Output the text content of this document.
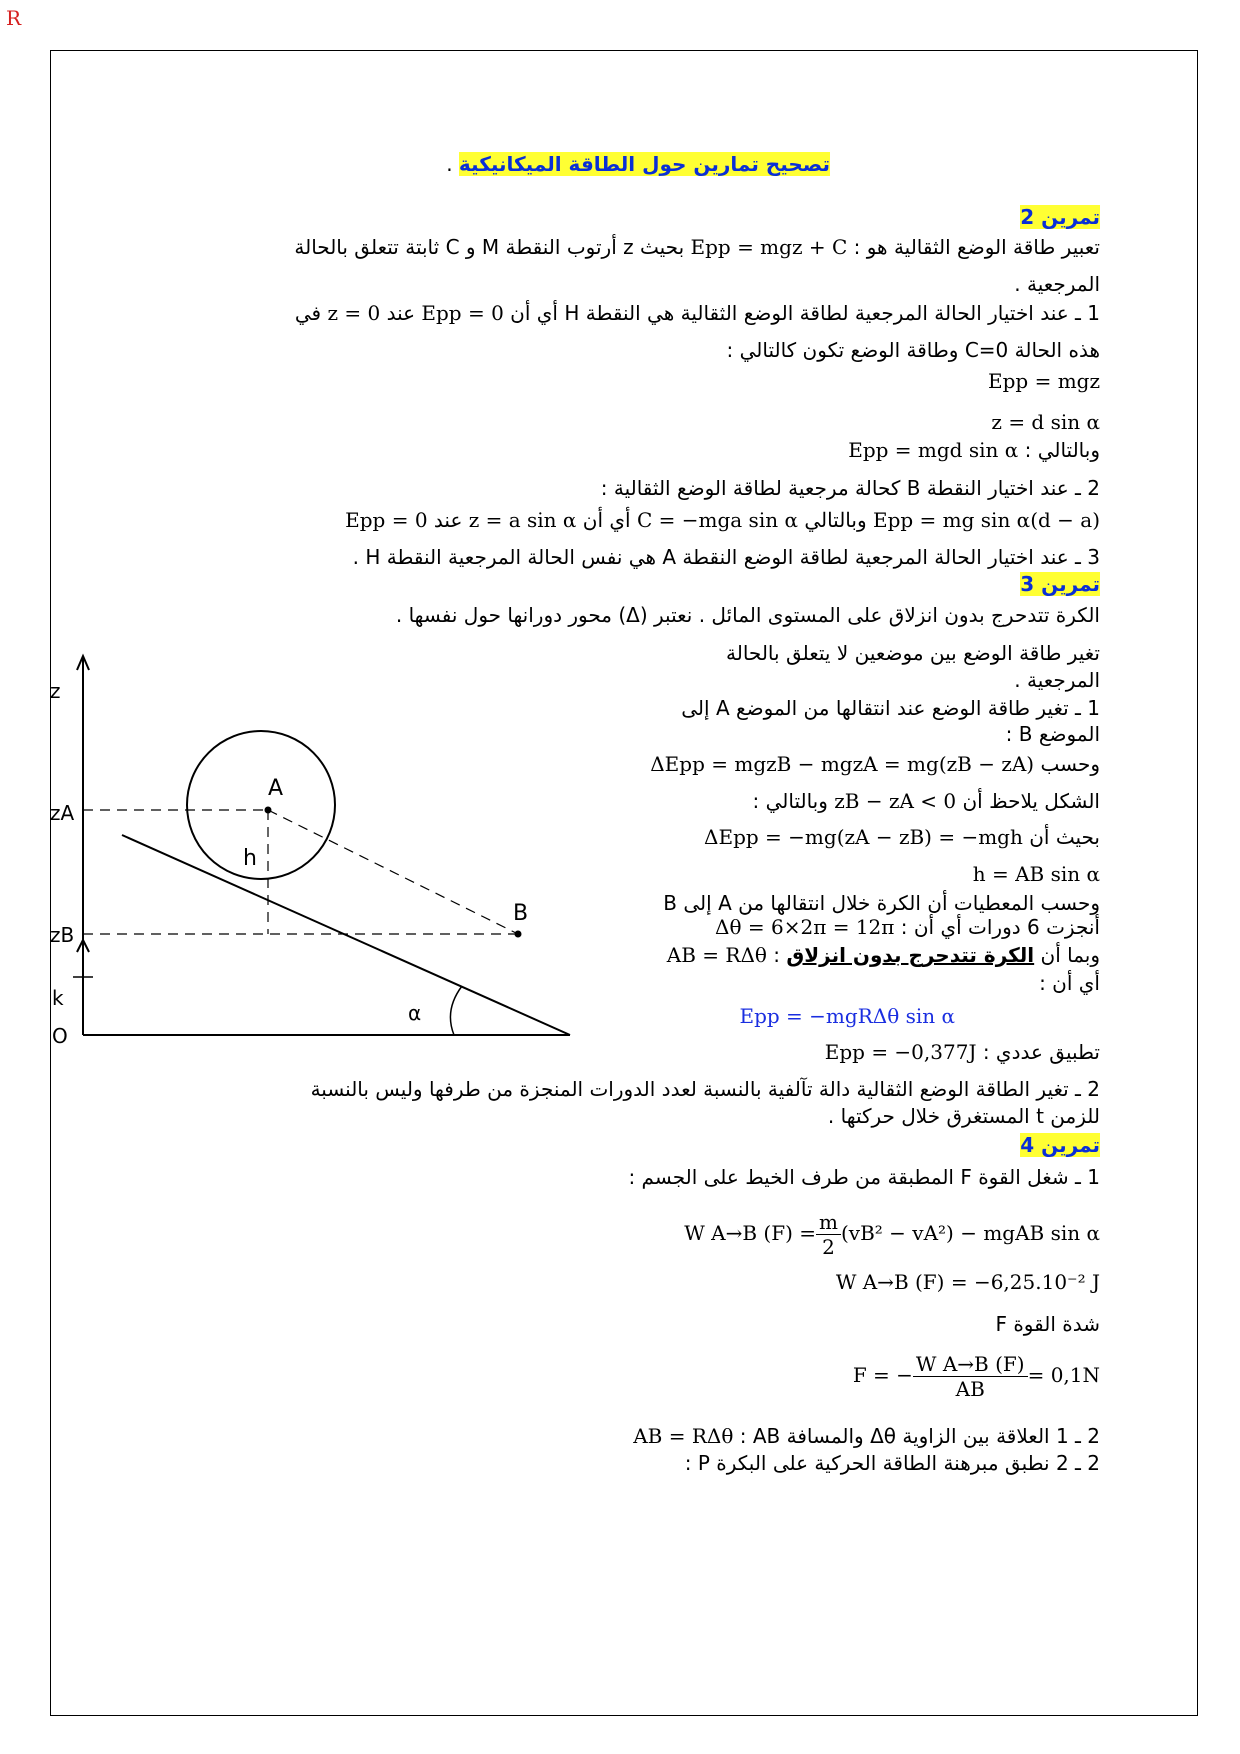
R
تصحيح تمارين حول الطاقة الميكانيكية .
تمرين 2
تعبير طاقة الوضع الثقالية هو : Epp = mgz + C بحيث z أرتوب النقطة M و C ثابتة تتعلق بالحالة
المرجعية .
1 ـ عند اختيار الحالة المرجعية لطاقة الوضع الثقالية هي النقطة H أي أن Epp = 0 عند z = 0 في
هذه الحالة C=0 وطاقة الوضع تكون كالتالي :
Epp = mgz
z = d sin α
وبالتالي : Epp = mgd sin α
2 ـ عند اختيار النقطة B كحالة مرجعية لطاقة الوضع الثقالية :
Epp = 0 عند z = a sin α أي أن C = −mga sin α وبالتالي Epp = mg sin α(d − a)
3 ـ عند اختيار الحالة المرجعية لطاقة الوضع النقطة A هي نفس الحالة المرجعية النقطة H .
تمرين 3
الكرة تتدحرج بدون انزلاق على المستوى المائل . نعتبر (Δ) محور دورانها حول نفسها .
تغير طاقة الوضع بين موضعين لا يتعلق بالحالة
المرجعية .
1 ـ تغير طاقة الوضع عند انتقالها من الموضع A إلى
الموضع B :
وحسب ΔEpp = mgzB − mgzA = mg(zB − zA)
الشكل يلاحظ أن zB − zA < 0 وبالتالي :
بحيث أن ΔEpp = −mg(zA − zB) = −mgh
h = AB sin α
وحسب المعطيات أن الكرة خلال انتقالها من A إلى B
أنجزت 6 دورات أي أن : Δθ = 6×2π = 12π
وبما أن الكرة تتدحرج بدون انزلاق : AB = RΔθ
أي أن :
Epp = −mgRΔθ sin α
تطبيق عددي : Epp = −0,377J
2 ـ تغير الطاقة الوضع الثقالية دالة تآلفية بالنسبة لعدد الدورات المنجزة من طرفها وليس بالنسبة
للزمن t المستغرق خلال حركتها .
z
zA
zB
k
O
A
B
h
α
تمرين 4
1 ـ شغل القوة F المطبقة من طرف الخيط على الجسم :
(vB² − vA²) − mgAB sin α
$\frac{m}{2}$
W A→B (F) =
W A→B (F) = −6,25.10⁻² J
شدة القوة F
= 0,1N
$\frac{\text{W A→B (F)}}{AB}$
F = −
2 ـ 1 العلاقة بين الزاوية Δθ والمسافة AB : AB = RΔθ
2 ـ 2 نطبق مبرهنة الطاقة الحركية على البكرة P :
